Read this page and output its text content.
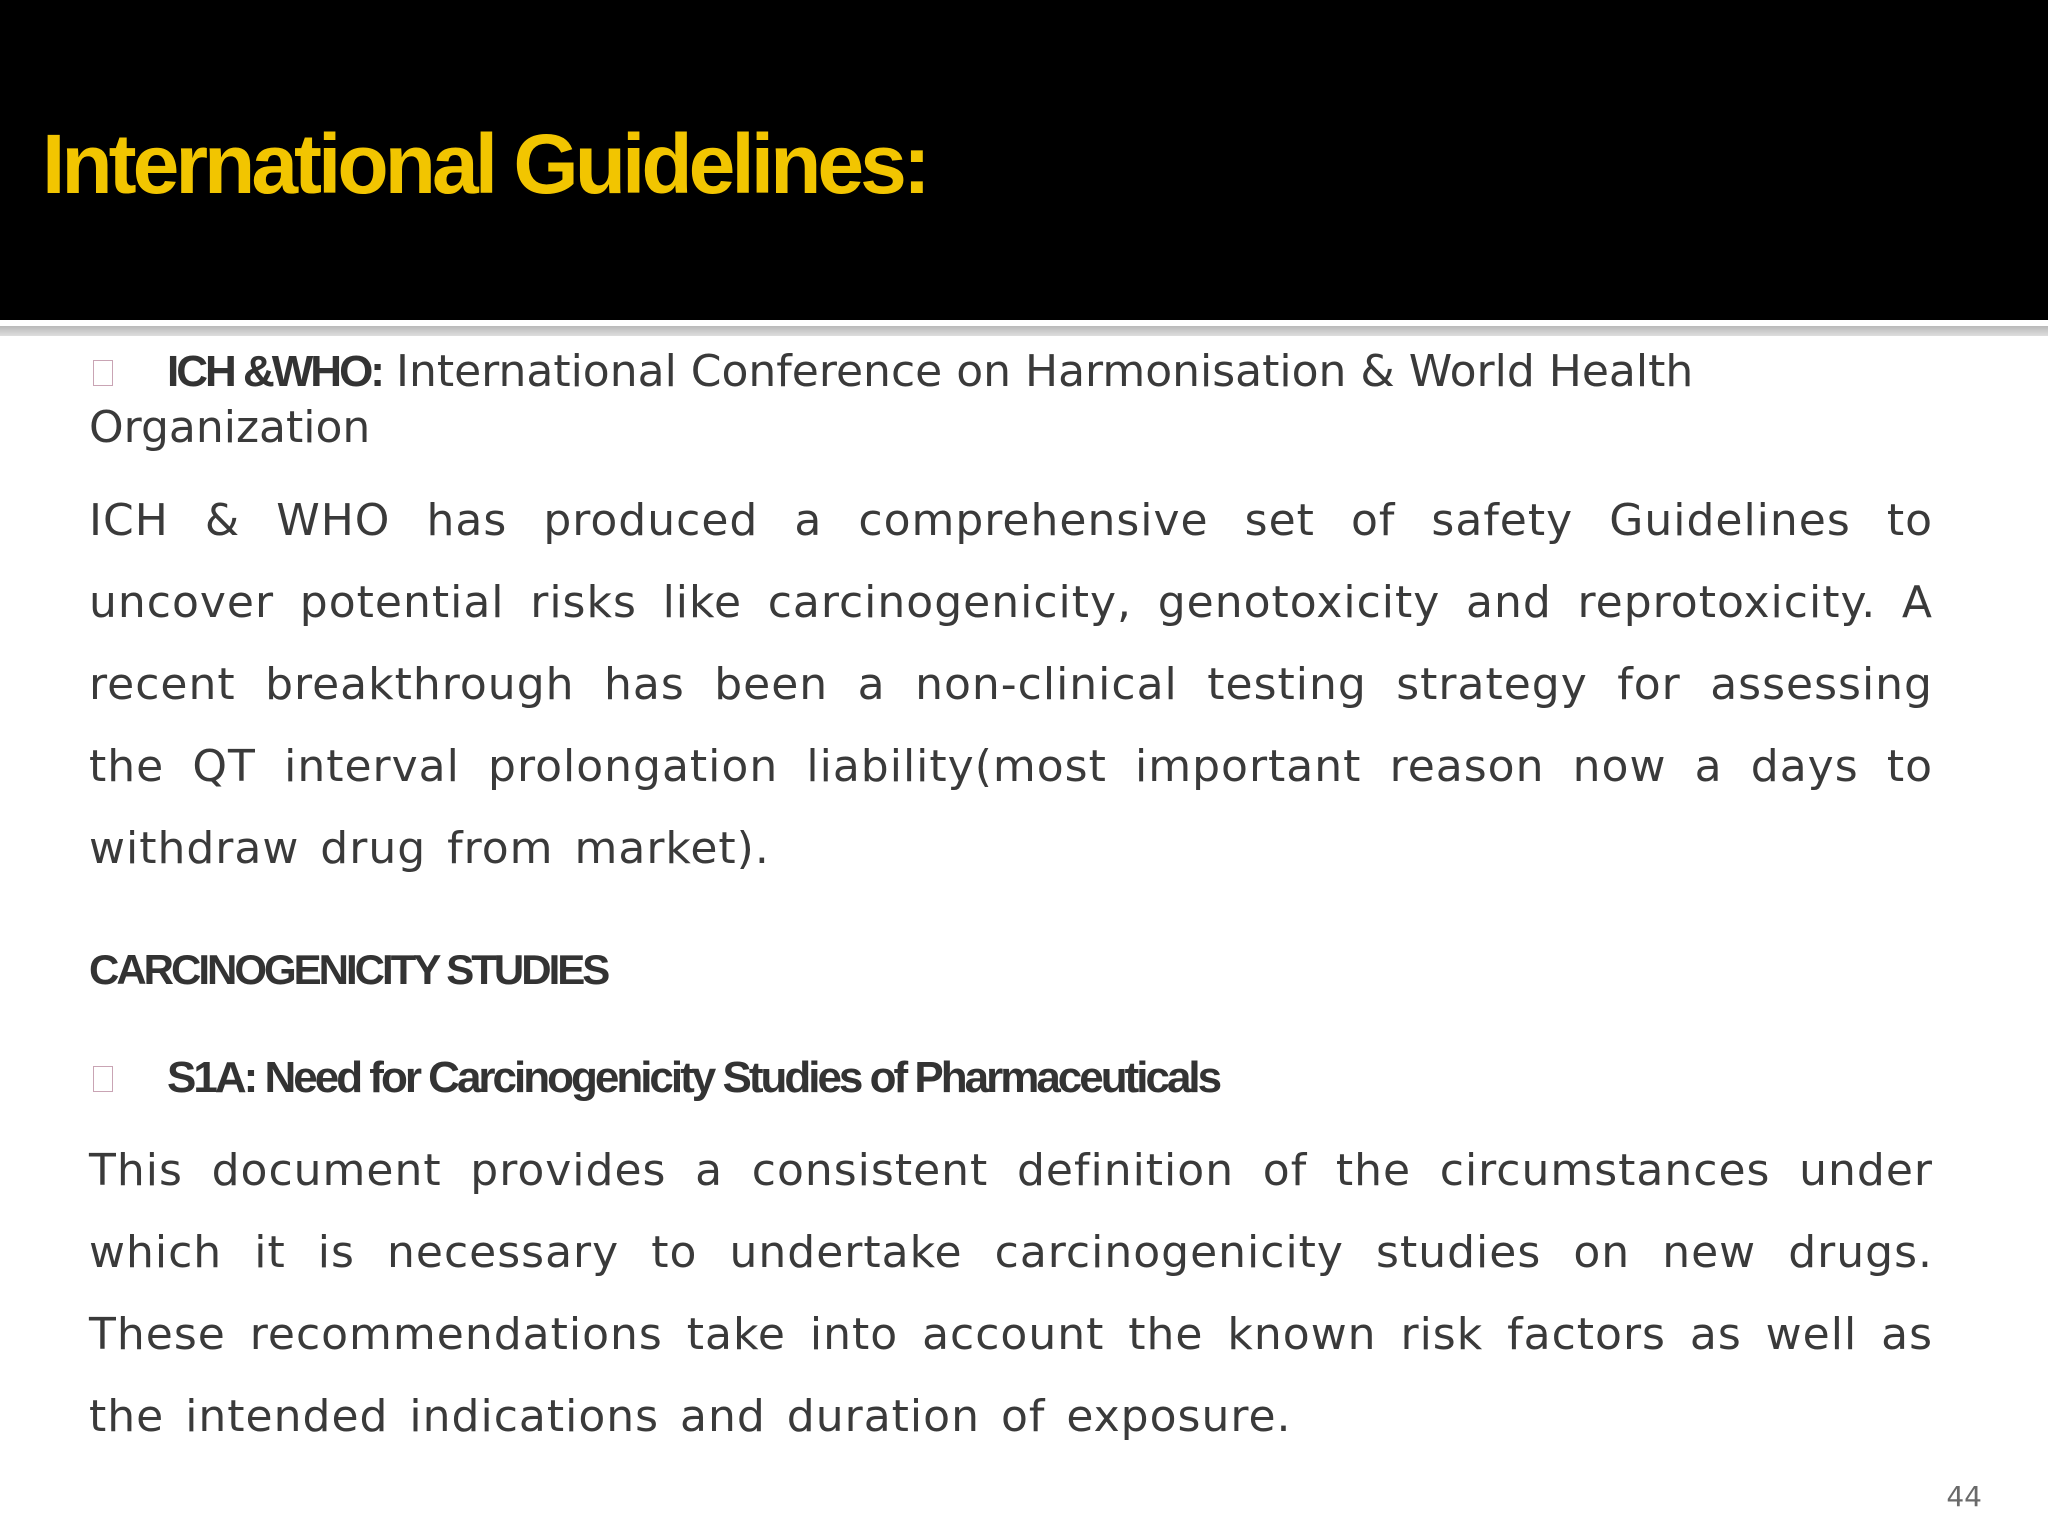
International Guidelines:

ICH &WHO: International Conference on Harmonisation & World Health

Organization

ICH & WHO has produced a comprehensive set of safety Guidelines to uncover potential risks like carcinogenicity, genotoxicity and reprotoxicity. A recent breakthrough has been a non-clinical testing strategy for assessing the QT interval prolongation liability(most important reason now a days to withdraw drug from market).

CARCINOGENICITY STUDIES

S1A: Need for Carcinogenicity Studies of Pharmaceuticals

This document provides a consistent definition of the circumstances under which it is necessary to undertake carcinogenicity studies on new drugs. These recommendations take into account the known risk factors as well as the intended indications and duration of exposure.

44
